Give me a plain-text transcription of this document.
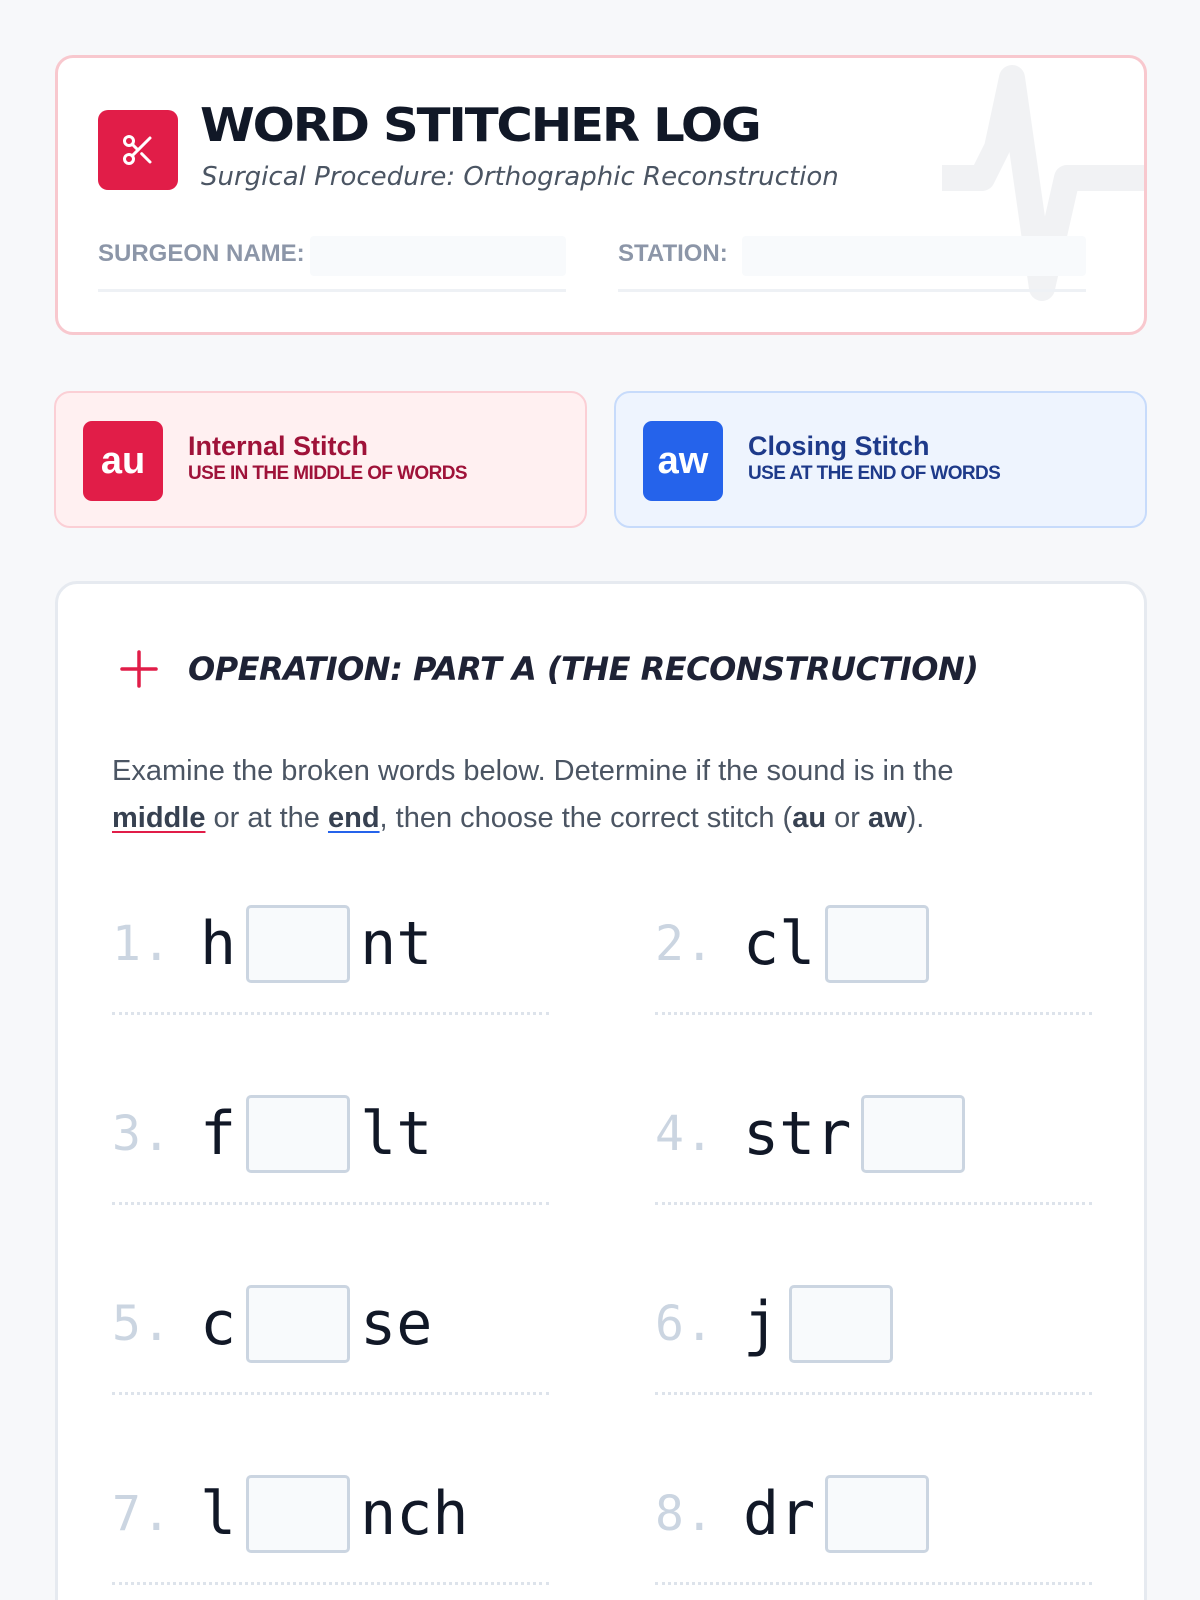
WORD STITCHER LOG
Surgical Procedure: Orthographic Reconstruction
SURGEON NAME:	STATION:
au	Internal Stitch
USE IN THE MIDDLE OF WORDS	aw	Closing Stitch
USE AT THE END OF WORDS
OPERATION: PART A (THE RECONSTRUCTION)

Examine the broken words below. Determine if the sound is in the
middle or at the end, then choose the correct stitch (au or aw).

1. h nt	2. cl
3. f lt	4. str
5. c se	6. j
7. l nch	8. dr
